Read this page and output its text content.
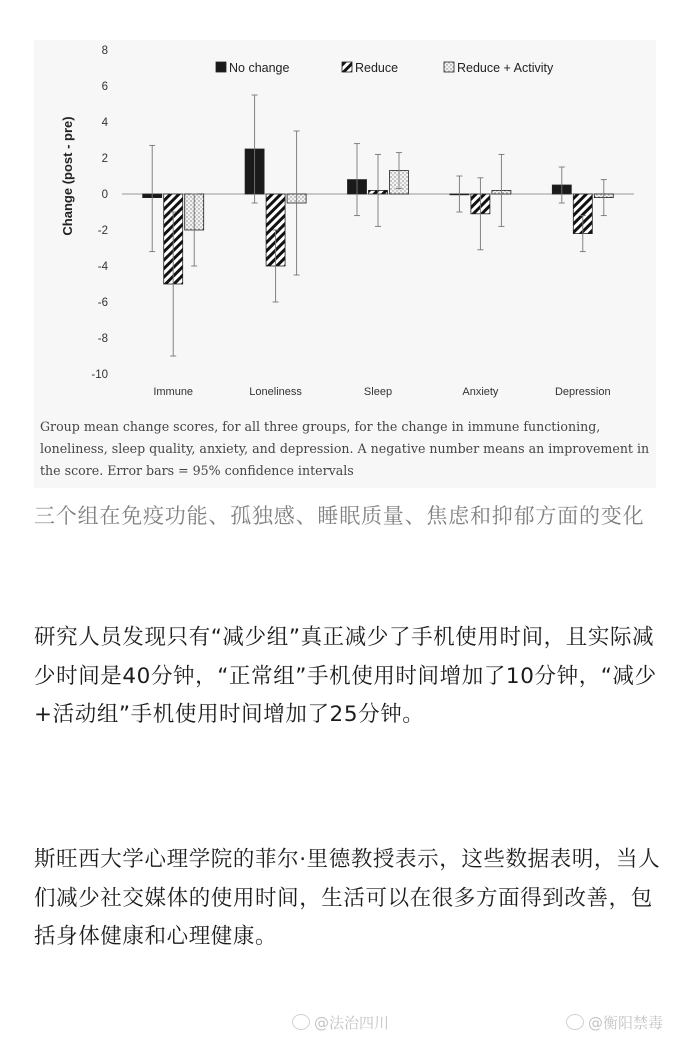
Change (post - pre)
8
6
4
2
0
-2
-4
-6
-8
-10
Immune	Loneliness	Sleep	Anxiety	Depression
No change	Reduce	Reduce + Activity
Group mean change scores, for all three groups, for the change in immune functioning, loneliness, sleep quality, anxiety, and depression. A negative number means an improvement in the score. Error bars = 95% confidence intervals
三个组在免疫功能、孤独感、睡眠质量、焦虑和抑郁方面的变化

研究人员发现只有“减少组”真正减少了手机使用时间，且实际减少时间是40分钟，“正常组”手机使用时间增加了10分钟，“减少+活动组”手机使用时间增加了25分钟。

斯旺西大学心理学院的菲尔·里德教授表示，这些数据表明，当人们减少社交媒体的使用时间，生活可以在很多方面得到改善，包括身体健康和心理健康。

@法治四川	@衡阳禁毒
